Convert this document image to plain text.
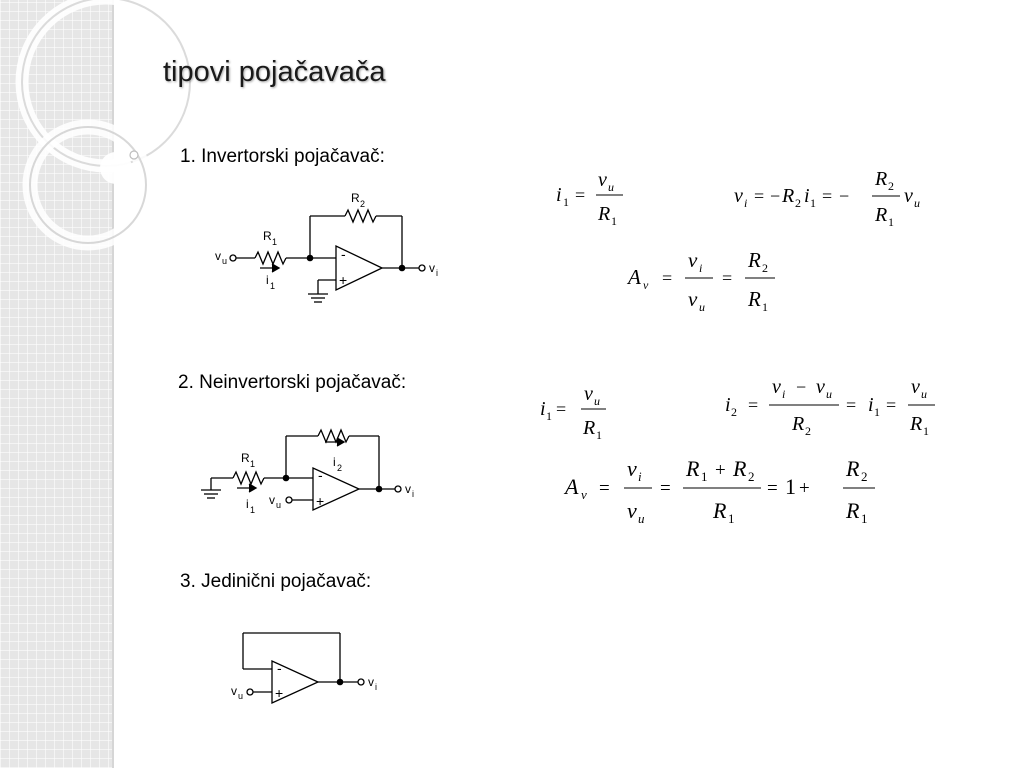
tipovi pojačavača
1. Invertorski pojačavač:
2. Neinvertorski pojačavač:
3. Jedinični pojačavač:
-
+
v u
R 1
R 2
i 1
v i
-
+
R 1
i 1
i 2
v u
v i
-
+
v u
v i
i 1 =
v u
R 1
v i = − R 2 i 1 = −
R 2
R 1
v u
A v =
v i
v u
=
R 2
R 1
i 1 =
v u
R 1
i 2 =
v i − v u
R 2
= i 1 =
v u
R 1
A v =
v i
v u
=
R 1 + R 2
R 1
= 1 +
R 2
R 1
